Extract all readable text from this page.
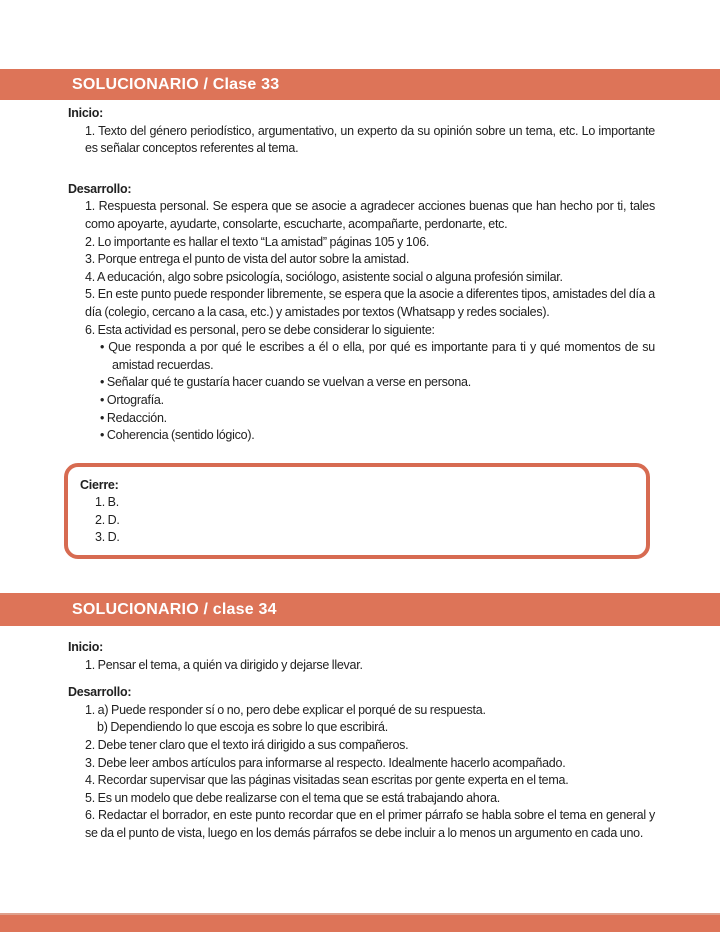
SOLUCIONARIO / Clase 33

Inicio:

1. Texto del género periodístico, argumentativo, un experto da su opinión sobre un tema, etc. Lo importante es señalar conceptos referentes al tema.

Desarrollo:

1. Respuesta personal. Se espera que se asocie a agradecer acciones buenas que han hecho por ti, tales como apoyarte, ayudarte, consolarte, escucharte, acompañarte, perdonarte, etc.

2. Lo importante es hallar el texto “La amistad” páginas 105 y 106.

3. Porque entrega el punto de vista del autor sobre la amistad.

4. A educación, algo sobre psicología, sociólogo, asistente social o alguna profesión similar.

5. En este punto puede responder libremente, se espera que la asocie a diferentes tipos, amistades del día a día (colegio, cercano a la casa, etc.) y amistades por textos (Whatsapp y redes sociales).

6. Esta actividad es personal, pero se debe considerar lo siguiente:

• Que responda a por qué le escribes a él o ella, por qué es importante para ti y qué momentos de su amistad recuerdas.
• Señalar qué te gustaría hacer cuando se vuelvan a verse en persona.
• Ortografía.
• Redacción.
• Coherencia (sentido lógico).

Cierre:

1. B.

2. D.

3. D.

SOLUCIONARIO / clase 34

Inicio:

1. Pensar el tema, a quién va dirigido y dejarse llevar.

Desarrollo:

1. a) Puede responder sí o no, pero debe explicar el porqué de su respuesta.

b) Dependiendo lo que escoja es sobre lo que escribirá.

2. Debe tener claro que el texto irá dirigido a sus compañeros.

3. Debe leer ambos artículos para informarse al respecto. Idealmente hacerlo acompañado.

4. Recordar supervisar que las páginas visitadas sean escritas por gente experta en el tema.

5. Es un modelo que debe realizarse con el tema que se está trabajando ahora.

6. Redactar el borrador, en este punto recordar que en el primer párrafo se habla sobre el tema en general y se da el punto de vista, luego en los demás párrafos se debe incluir a lo menos un argumento en cada uno.
